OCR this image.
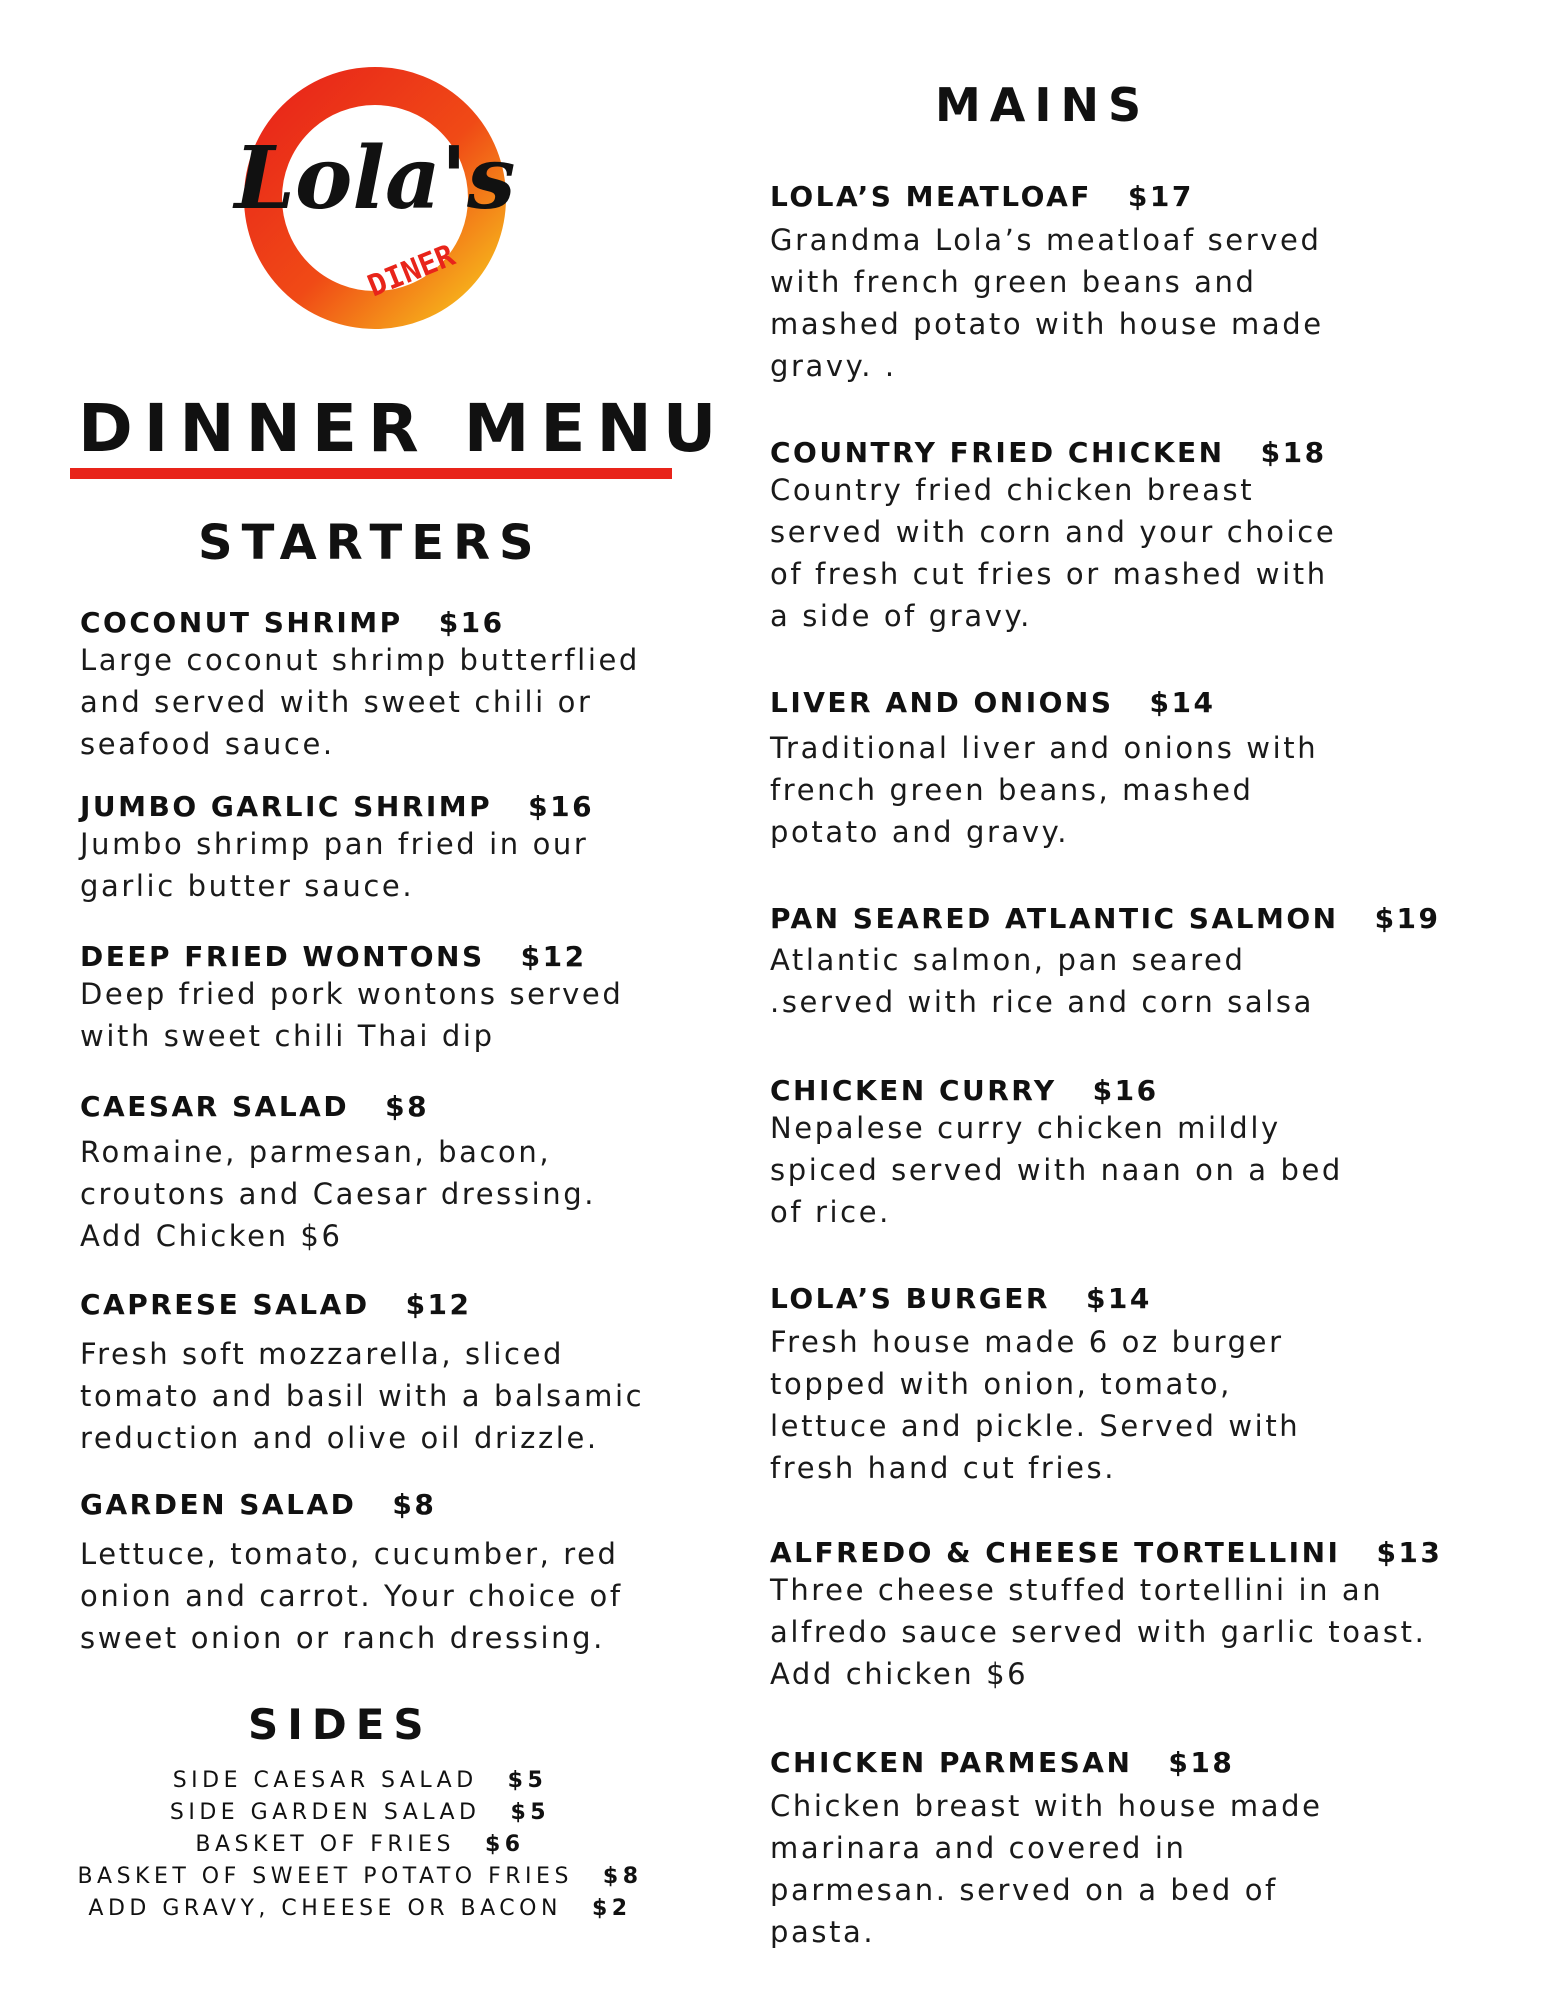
Lola's
DINER
DINNER MENU
STARTERS

COCONUT SHRIMP $16

Large coconut shrimp butterflied
and served with sweet chili or
seafood sauce.

JUMBO GARLIC SHRIMP $16

Jumbo shrimp pan fried in our
garlic butter sauce.

DEEP FRIED WONTONS $12

Deep fried pork wontons served
with sweet chili Thai dip

CAESAR SALAD $8

Romaine, parmesan, bacon,
croutons and Caesar dressing.
Add Chicken $6

CAPRESE SALAD $12

Fresh soft mozzarella, sliced
tomato and basil with a balsamic
reduction and olive oil drizzle.

GARDEN SALAD $8

Lettuce, tomato, cucumber, red
onion and carrot. Your choice of
sweet onion or ranch dressing.

SIDES
SIDE CAESAR SALAD $5
SIDE GARDEN SALAD $5
BASKET OF FRIES $6
BASKET OF SWEET POTATO FRIES $8
ADD GRAVY, CHEESE OR BACON $2
MAINS

LOLA’S MEATLOAF $17

Grandma Lola’s meatloaf served
with french green beans and
mashed potato with house made
gravy. .

COUNTRY FRIED CHICKEN $18

Country fried chicken breast
served with corn and your choice
of fresh cut fries or mashed with
a side of gravy.

LIVER AND ONIONS $14

Traditional liver and onions with
french green beans, mashed
potato and gravy.

PAN SEARED ATLANTIC SALMON $19

Atlantic salmon, pan seared
.served with rice and corn salsa

CHICKEN CURRY $16

Nepalese curry chicken mildly
spiced served with naan on a bed
of rice.

LOLA’S BURGER $14

Fresh house made 6 oz burger
topped with onion, tomato,
lettuce and pickle. Served with
fresh hand cut fries.

ALFREDO & CHEESE TORTELLINI $13

Three cheese stuffed tortellini in an
alfredo sauce served with garlic toast.
Add chicken $6

CHICKEN PARMESAN $18

Chicken breast with house made
marinara and covered in
parmesan. served on a bed of
pasta.
